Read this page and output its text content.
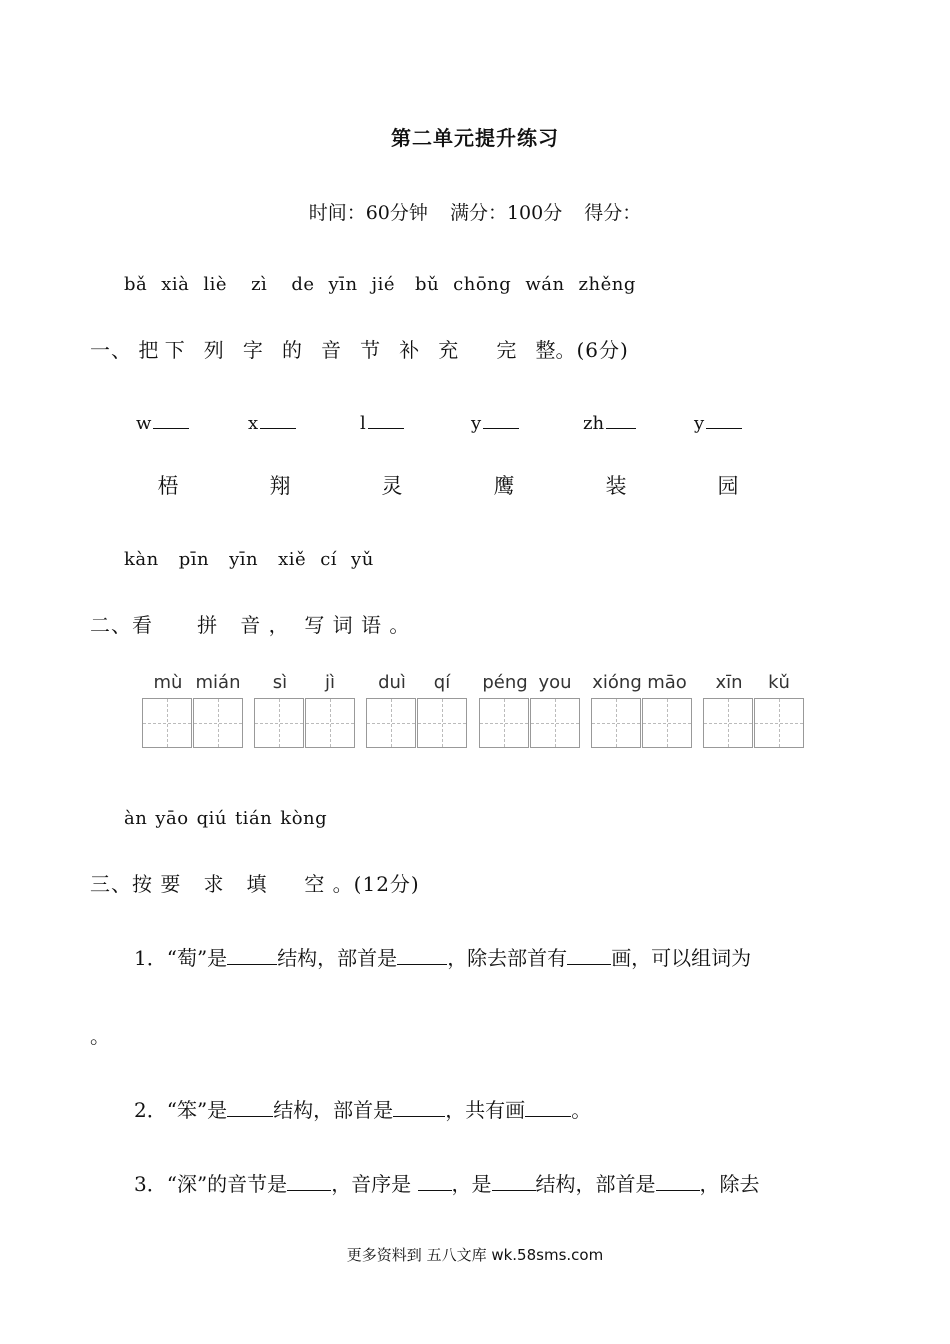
第二单元提升练习
时间：60分钟 满分：100分 得分：
bǎ xià liè zì de yīn jié bǔ chōng wán zhěng
一、 把 下 列 字 的 音 节 补 充 完 整。(6分)
w	x	l	y	zh	y
梧	翔	灵	鹰	装	园
kàn pīn yīn xiě cí yǔ
二、看 拼 音 ， 写 词 语 。
mù mián	sì	jì	duì	qí	péng you	xióng māo	xīn	kǔ
àn yāo qiú tián kòng
三、按 要 求 填 空 。(12分)
1．“萄”是	结构，部首是	，除去部首有 画，可以组词为
。
2．“笨”是 结构，部首是	，共有画 。
3．“深”的音节是 ，音序是 ，是 结构，部首是 ，除去
更多资料到 五八文库 wk.58sms.com
